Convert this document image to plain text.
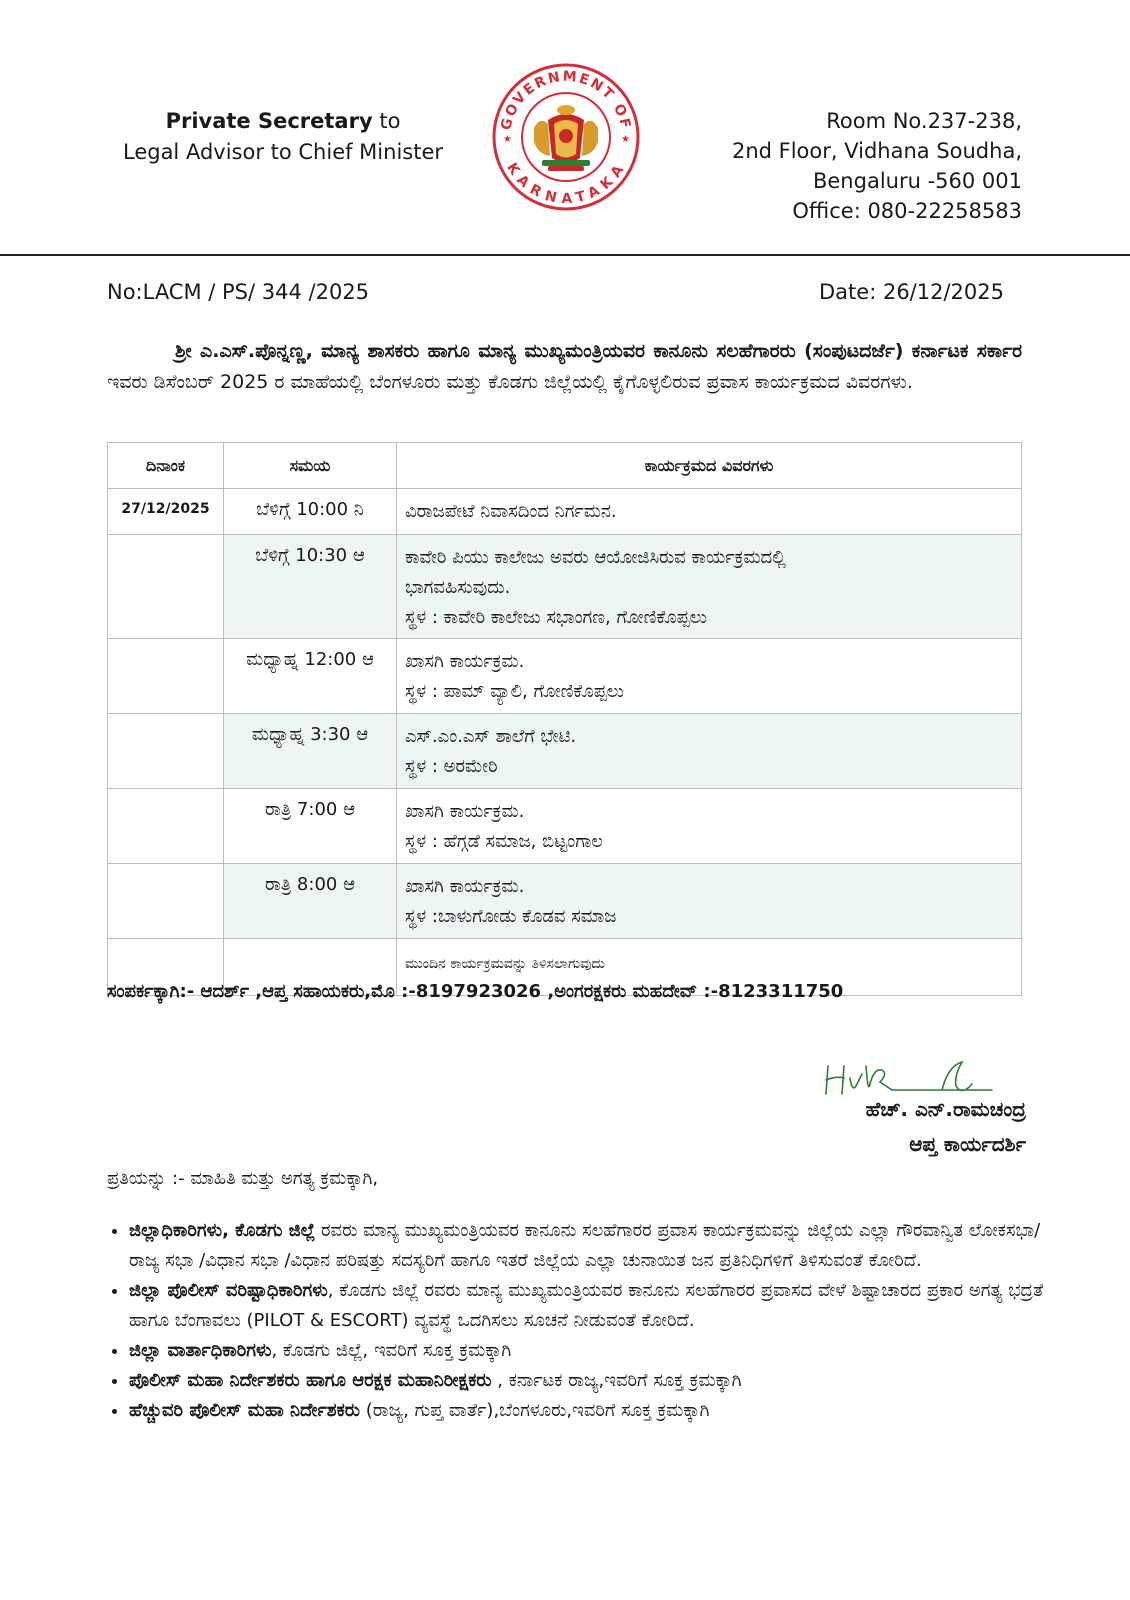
Private Secretary to
Legal Advisor to Chief Minister
GOVERNMENT OF
KARNATAKA
★	★
Room No.237-238,
2nd Floor, Vidhana Soudha,
Bengaluru -560 001
Office: 080-22258583
No:LACM / PS/ 344 /2025	Date: 26/12/2025
ಶ್ರೀ ಎ.ಎಸ್.ಪೊನ್ನಣ್ಣ, ಮಾನ್ಯ ಶಾಸಕರು ಹಾಗೂ ಮಾನ್ಯ ಮುಖ್ಯಮಂತ್ರಿಯವರ ಕಾನೂನು ಸಲಹೆಗಾರರು (ಸಂಪುಟದರ್ಜೆ) ಕರ್ನಾಟಕ ಸರ್ಕಾರ ಇವರು ಡಿಸೆಂಬರ್ 2025 ರ ಮಾಹೆಯಲ್ಲಿ ಬೆಂಗಳೂರು ಮತ್ತು ಕೊಡಗು ಜಿಲ್ಲೆಯಲ್ಲಿ ಕೈಗೊಳ್ಳಲಿರುವ ಪ್ರವಾಸ ಕಾರ್ಯಕ್ರಮದ ವಿವರಗಳು.
ದಿನಾಂಕ	ಸಮಯ	ಕಾರ್ಯಕ್ರಮದ ವಿವರಗಳು
27/12/2025	ಬೆಳಿಗ್ಗೆ 10:00 ನಿ	ವಿರಾಜಪೇಟೆ ನಿವಾಸದಿಂದ ನಿರ್ಗಮನ.

	ಬೆಳಿಗ್ಗೆ 10:30 ಆ	ಕಾವೇರಿ ಪಿಯು ಕಾಲೇಜು ಅವರು ಆಯೋಜಿಸಿರುವ ಕಾರ್ಯಕ್ರಮದಲ್ಲಿ
ಭಾಗವಹಿಸುವುದು.
ಸ್ಥಳ : ಕಾವೇರಿ ಕಾಲೇಜು ಸಭಾಂಗಣ, ಗೋಣಿಕೊಪ್ಪಲು

	ಮಧ್ಯಾಹ್ನ 12:00 ಆ	ಖಾಸಗಿ ಕಾರ್ಯಕ್ರಮ.
ಸ್ಥಳ : ಪಾಮ್ ವ್ಯಾಲಿ, ಗೋಣಿಕೊಪ್ಪಲು

	ಮಧ್ಯಾಹ್ನ 3:30 ಆ	ಎಸ್.ಎಂ.ಎಸ್ ಶಾಲೆಗೆ ಭೇಟಿ.
ಸ್ಥಳ : ಅರಮೇರಿ

	ರಾತ್ರಿ 7:00 ಆ	ಖಾಸಗಿ ಕಾರ್ಯಕ್ರಮ.
ಸ್ಥಳ : ಹೆಗ್ಗಡೆ ಸಮಾಜ, ಬಿಟ್ಟಂಗಾಲ

	ರಾತ್ರಿ 8:00 ಆ	ಖಾಸಗಿ ಕಾರ್ಯಕ್ರಮ.
ಸ್ಥಳ :ಬಾಳುಗೋಡು ಕೊಡವ ಸಮಾಜ

		ಮುಂದಿನ ಕಾರ್ಯಕ್ರಮವನ್ನು ತಿಳಿಸಲಾಗುವುದು
ಸಂಪರ್ಕಕ್ಕಾಗಿ:- ಆದರ್ಶ್ ,ಆಪ್ತ ಸಹಾಯಕರು,ಮೊ :-8197923026 ,ಅಂಗರಕ್ಷಕರು ಮಹದೇವ್ :-8123311750
ಹೆಚ್. ಎನ್.ರಾಮಚಂದ್ರ
ಆಪ್ತ ಕಾರ್ಯದರ್ಶಿ
ಪ್ರತಿಯನ್ನು :- ಮಾಹಿತಿ ಮತ್ತು ಅಗತ್ಯ ಕ್ರಮಕ್ಕಾಗಿ,
• ಜಿಲ್ಲಾಧಿಕಾರಿಗಳು, ಕೊಡಗು ಜಿಲ್ಲೆ ರವರು ಮಾನ್ಯ ಮುಖ್ಯಮಂತ್ರಿಯವರ ಕಾನೂನು ಸಲಹೆಗಾರರ ಪ್ರವಾಸ ಕಾರ್ಯಕ್ರಮವನ್ನು ಜಿಲ್ಲೆಯ ಎಲ್ಲಾ ಗೌರವಾನ್ವಿತ ಲೋಕಸಭಾ/ರಾಜ್ಯ ಸಭಾ /ವಿಧಾನ ಸಭಾ /ವಿಧಾನ ಪರಿಷತ್ತು ಸದಸ್ಯರಿಗೆ ಹಾಗೂ ಇತರೆ ಜಿಲ್ಲೆಯ ಎಲ್ಲಾ ಚುನಾಯಿತ ಜನ ಪ್ರತಿನಿಧಿಗಳಿಗೆ ತಿಳಿಸುವಂತೆ ಕೋರಿದೆ.
• ಜಿಲ್ಲಾ ಪೊಲೀಸ್ ವರಿಷ್ಟಾಧಿಕಾರಿಗಳು, ಕೊಡಗು ಜಿಲ್ಲೆ ರವರು ಮಾನ್ಯ ಮುಖ್ಯಮಂತ್ರಿಯವರ ಕಾನೂನು ಸಲಹೆಗಾರರ ಪ್ರವಾಸದ ವೇಳೆ ಶಿಷ್ಟಾಚಾರದ ಪ್ರಕಾರ ಅಗತ್ಯ ಭದ್ರತೆ ಹಾಗೂ ಬೆಂಗಾವಲು (PILOT & ESCORT) ವ್ಯವಸ್ಥೆ ಒದಗಿಸಲು ಸೂಚನೆ ನೀಡುವಂತೆ ಕೋರಿದೆ.
• ಜಿಲ್ಲಾ ವಾರ್ತಾಧಿಕಾರಿಗಳು, ಕೊಡಗು ಜಿಲ್ಲೆ, ಇವರಿಗೆ ಸೂಕ್ತ ಕ್ರಮಕ್ಕಾಗಿ
• ಪೊಲೀಸ್ ಮಹಾ ನಿರ್ದೇಶಕರು ಹಾಗೂ ಆರಕ್ಷಕ ಮಹಾನಿರೀಕ್ಷಕರು , ಕರ್ನಾಟಕ ರಾಜ್ಯ,ಇವರಿಗೆ ಸೂಕ್ತ ಕ್ರಮಕ್ಕಾಗಿ
• ಹೆಚ್ಚುವರಿ ಪೊಲೀಸ್ ಮಹಾ ನಿರ್ದೇಶಕರು (ರಾಜ್ಯ, ಗುಪ್ತ ವಾರ್ತೆ),ಬೆಂಗಳೂರು,ಇವರಿಗೆ ಸೂಕ್ತ ಕ್ರಮಕ್ಕಾಗಿ
